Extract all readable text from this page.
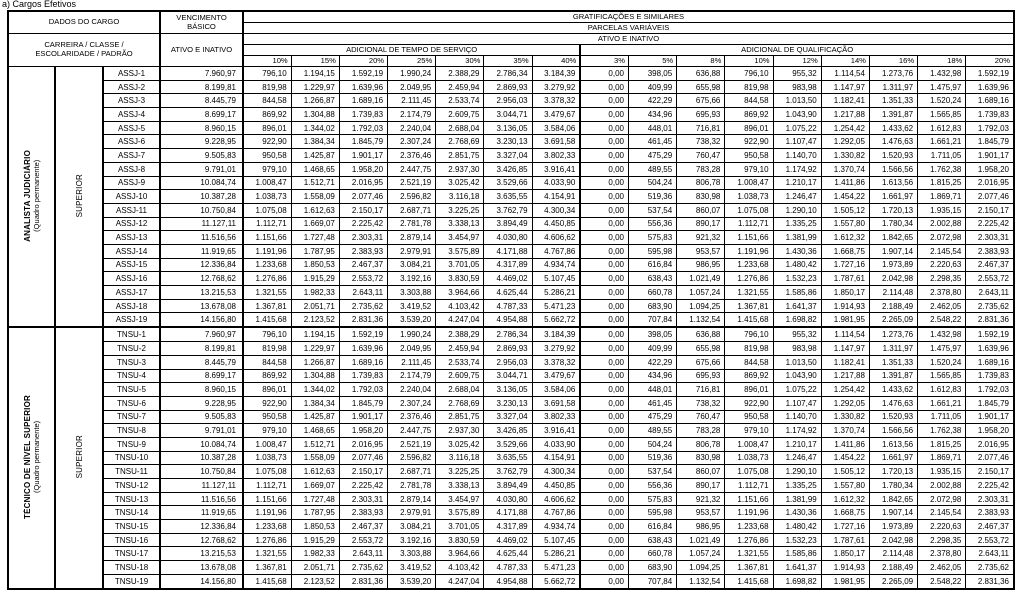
a) Cargos Efetivos
DADOS DO CARGO			VENCIMENTO BÁSICO	GRATIFICAÇÕES E SIMILARES															
				PARCELAS VARIÁVEIS															
CARREIRA / CLASSE / ESCOLARIDADE / PADRÃO			ATIVO E INATIVO	ATIVO E INATIVO															
				ADICIONAL DE TEMPO DE SERVIÇO							ADICIONAL DE QUALIFICAÇÃO								
				10%	15%	20%	25%	30%	35%	40%	3%	5%	8%	10%	12%	14%	16%	18%	20%

ANALISTA JUDICIÁRIO (Quadro permanente)	SUPERIOR	ASSJ-1	7.960,97	796,10	1.194,15	1.592,19	1.990,24	2.388,29	2.786,34	3.184,39	0,00	398,05	636,88	796,10	955,32	1.114,54	1.273,76	1.432,98	1.592,19
		ASSJ-2	8.199,81	819,98	1.229,97	1.639,96	2.049,95	2.459,94	2.869,93	3.279,92	0,00	409,99	655,98	819,98	983,98	1.147,97	1.311,97	1.475,97	1.639,96
		ASSJ-3	8.445,79	844,58	1.266,87	1.689,16	2.111,45	2.533,74	2.956,03	3.378,32	0,00	422,29	675,66	844,58	1.013,50	1.182,41	1.351,33	1.520,24	1.689,16
		ASSJ-4	8.699,17	869,92	1.304,88	1.739,83	2.174,79	2.609,75	3.044,71	3.479,67	0,00	434,96	695,93	869,92	1.043,90	1.217,88	1.391,87	1.565,85	1.739,83
		ASSJ-5	8.960,15	896,01	1.344,02	1.792,03	2.240,04	2.688,04	3.136,05	3.584,06	0,00	448,01	716,81	896,01	1.075,22	1.254,42	1.433,62	1.612,83	1.792,03
		ASSJ-6	9.228,95	922,90	1.384,34	1.845,79	2.307,24	2.768,69	3.230,13	3.691,58	0,00	461,45	738,32	922,90	1.107,47	1.292,05	1.476,63	1.661,21	1.845,79
		ASSJ-7	9.505,83	950,58	1.425,87	1.901,17	2.376,46	2.851,75	3.327,04	3.802,33	0,00	475,29	760,47	950,58	1.140,70	1.330,82	1.520,93	1.711,05	1.901,17
		ASSJ-8	9.791,01	979,10	1.468,65	1.958,20	2.447,75	2.937,30	3.426,85	3.916,41	0,00	489,55	783,28	979,10	1.174,92	1.370,74	1.566,56	1.762,38	1.958,20
		ASSJ-9	10.084,74	1.008,47	1.512,71	2.016,95	2.521,19	3.025,42	3.529,66	4.033,90	0,00	504,24	806,78	1.008,47	1.210,17	1.411,86	1.613,56	1.815,25	2.016,95
		ASSJ-10	10.387,28	1.038,73	1.558,09	2.077,46	2.596,82	3.116,18	3.635,55	4.154,91	0,00	519,36	830,98	1.038,73	1.246,47	1.454,22	1.661,97	1.869,71	2.077,46
		ASSJ-11	10.750,84	1.075,08	1.612,63	2.150,17	2.687,71	3.225,25	3.762,79	4.300,34	0,00	537,54	860,07	1.075,08	1.290,10	1.505,12	1.720,13	1.935,15	2.150,17
		ASSJ-12	11.127,11	1.112,71	1.669,07	2.225,42	2.781,78	3.338,13	3.894,49	4.450,85	0,00	556,36	890,17	1.112,71	1.335,25	1.557,80	1.780,34	2.002,88	2.225,42
		ASSJ-13	11.516,56	1.151,66	1.727,48	2.303,31	2.879,14	3.454,97	4.030,80	4.606,62	0,00	575,83	921,32	1.151,66	1.381,99	1.612,32	1.842,65	2.072,98	2.303,31
		ASSJ-14	11.919,65	1.191,96	1.787,95	2.383,93	2.979,91	3.575,89	4.171,88	4.767,86	0,00	595,98	953,57	1.191,96	1.430,36	1.668,75	1.907,14	2.145,54	2.383,93
		ASSJ-15	12.336,84	1.233,68	1.850,53	2.467,37	3.084,21	3.701,05	4.317,89	4.934,74	0,00	616,84	986,95	1.233,68	1.480,42	1.727,16	1.973,89	2.220,63	2.467,37
		ASSJ-16	12.768,62	1.276,86	1.915,29	2.553,72	3.192,16	3.830,59	4.469,02	5.107,45	0,00	638,43	1.021,49	1.276,86	1.532,23	1.787,61	2.042,98	2.298,35	2.553,72
		ASSJ-17	13.215,53	1.321,55	1.982,33	2.643,11	3.303,88	3.964,66	4.625,44	5.286,21	0,00	660,78	1.057,24	1.321,55	1.585,86	1.850,17	2.114,48	2.378,80	2.643,11
		ASSJ-18	13.678,08	1.367,81	2.051,71	2.735,62	3.419,52	4.103,42	4.787,33	5.471,23	0,00	683,90	1.094,25	1.367,81	1.641,37	1.914,93	2.188,49	2.462,05	2.735,62
		ASSJ-19	14.156,80	1.415,68	2.123,52	2.831,36	3.539,20	4.247,04	4.954,88	5.662,72	0,00	707,84	1.132,54	1.415,68	1.698,82	1.981,95	2.265,09	2.548,22	2.831,36

TÉCNICO DE NÍVEL SUPERIOR (Quadro permanente)	SUPERIOR	TNSU-1	7.960,97	796,10	1.194,15	1.592,19	1.990,24	2.388,29	2.786,34	3.184,39	0,00	398,05	636,88	796,10	955,32	1.114,54	1.273,76	1.432,98	1.592,19
		TNSU-2	8.199,81	819,98	1.229,97	1.639,96	2.049,95	2.459,94	2.869,93	3.279,92	0,00	409,99	655,98	819,98	983,98	1.147,97	1.311,97	1.475,97	1.639,96
		TNSU-3	8.445,79	844,58	1.266,87	1.689,16	2.111,45	2.533,74	2.956,03	3.378,32	0,00	422,29	675,66	844,58	1.013,50	1.182,41	1.351,33	1.520,24	1.689,16
		TNSU-4	8.699,17	869,92	1.304,88	1.739,83	2.174,79	2.609,75	3.044,71	3.479,67	0,00	434,96	695,93	869,92	1.043,90	1.217,88	1.391,87	1.565,85	1.739,83
		TNSU-5	8.960,15	896,01	1.344,02	1.792,03	2.240,04	2.688,04	3.136,05	3.584,06	0,00	448,01	716,81	896,01	1.075,22	1.254,42	1.433,62	1.612,83	1.792,03
		TNSU-6	9.228,95	922,90	1.384,34	1.845,79	2.307,24	2.768,69	3.230,13	3.691,58	0,00	461,45	738,32	922,90	1.107,47	1.292,05	1.476,63	1.661,21	1.845,79
		TNSU-7	9.505,83	950,58	1.425,87	1.901,17	2.376,46	2.851,75	3.327,04	3.802,33	0,00	475,29	760,47	950,58	1.140,70	1.330,82	1.520,93	1.711,05	1.901,17
		TNSU-8	9.791,01	979,10	1.468,65	1.958,20	2.447,75	2.937,30	3.426,85	3.916,41	0,00	489,55	783,28	979,10	1.174,92	1.370,74	1.566,56	1.762,38	1.958,20
		TNSU-9	10.084,74	1.008,47	1.512,71	2.016,95	2.521,19	3.025,42	3.529,66	4.033,90	0,00	504,24	806,78	1.008,47	1.210,17	1.411,86	1.613,56	1.815,25	2.016,95
		TNSU-10	10.387,28	1.038,73	1.558,09	2.077,46	2.596,82	3.116,18	3.635,55	4.154,91	0,00	519,36	830,98	1.038,73	1.246,47	1.454,22	1.661,97	1.869,71	2.077,46
		TNSU-11	10.750,84	1.075,08	1.612,63	2.150,17	2.687,71	3.225,25	3.762,79	4.300,34	0,00	537,54	860,07	1.075,08	1.290,10	1.505,12	1.720,13	1.935,15	2.150,17
		TNSU-12	11.127,11	1.112,71	1.669,07	2.225,42	2.781,78	3.338,13	3.894,49	4.450,85	0,00	556,36	890,17	1.112,71	1.335,25	1.557,80	1.780,34	2.002,88	2.225,42
		TNSU-13	11.516,56	1.151,66	1.727,48	2.303,31	2.879,14	3.454,97	4.030,80	4.606,62	0,00	575,83	921,32	1.151,66	1.381,99	1.612,32	1.842,65	2.072,98	2.303,31
		TNSU-14	11.919,65	1.191,96	1.787,95	2.383,93	2.979,91	3.575,89	4.171,88	4.767,86	0,00	595,98	953,57	1.191,96	1.430,36	1.668,75	1.907,14	2.145,54	2.383,93
		TNSU-15	12.336,84	1.233,68	1.850,53	2.467,37	3.084,21	3.701,05	4.317,89	4.934,74	0,00	616,84	986,95	1.233,68	1.480,42	1.727,16	1.973,89	2.220,63	2.467,37
		TNSU-16	12.768,62	1.276,86	1.915,29	2.553,72	3.192,16	3.830,59	4.469,02	5.107,45	0,00	638,43	1.021,49	1.276,86	1.532,23	1.787,61	2.042,98	2.298,35	2.553,72
		TNSU-17	13.215,53	1.321,55	1.982,33	2.643,11	3.303,88	3.964,66	4.625,44	5.286,21	0,00	660,78	1.057,24	1.321,55	1.585,86	1.850,17	2.114,48	2.378,80	2.643,11
		TNSU-18	13.678,08	1.367,81	2.051,71	2.735,62	3.419,52	4.103,42	4.787,33	5.471,23	0,00	683,90	1.094,25	1.367,81	1.641,37	1.914,93	2.188,49	2.462,05	2.735,62
		TNSU-19	14.156,80	1.415,68	2.123,52	2.831,36	3.539,20	4.247,04	4.954,88	5.662,72	0,00	707,84	1.132,54	1.415,68	1.698,82	1.981,95	2.265,09	2.548,22	2.831,36
